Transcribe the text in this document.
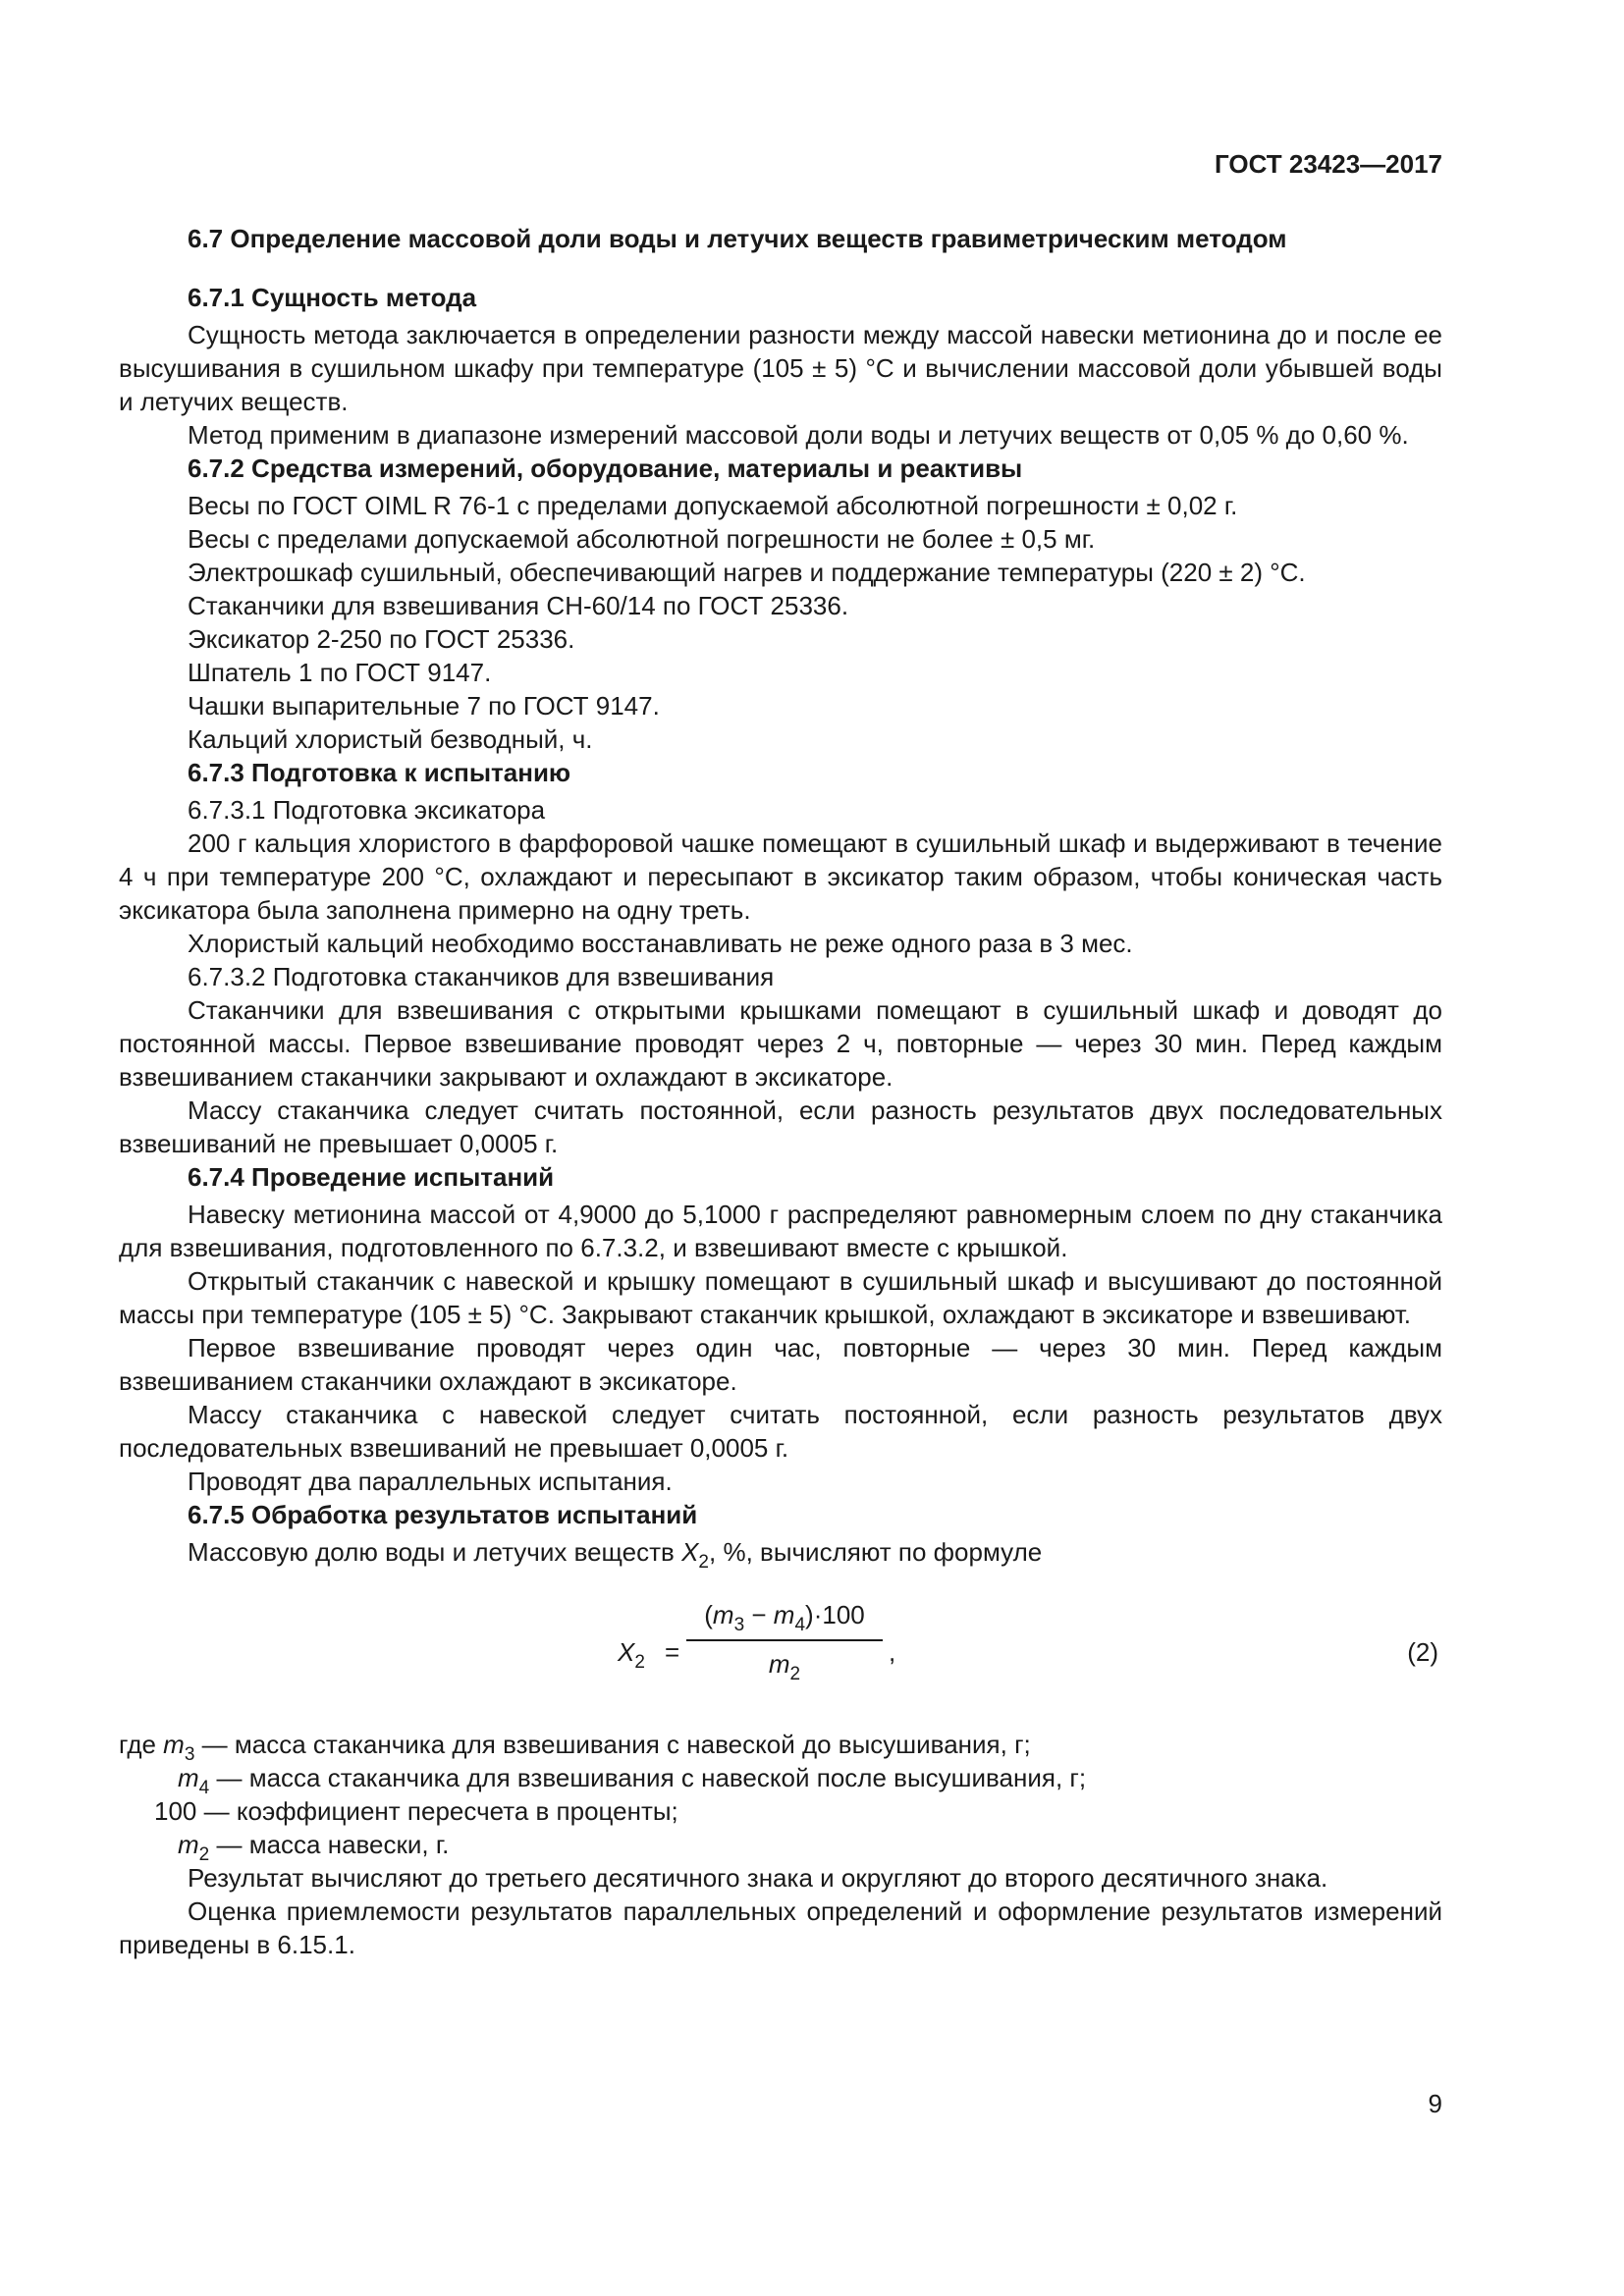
ГОСТ 23423—2017

6.7 Определение массовой доли воды и летучих веществ гравиметрическим методом

6.7.1 Сущность метода

Сущность метода заключается в определении разности между массой навески метионина до и после ее высушивания в сушильном шкафу при температуре (105 ± 5) °С и вычислении массовой доли убывшей воды и летучих веществ.

Метод применим в диапазоне измерений массовой доли воды и летучих веществ от 0,05 % до 0,60 %.

6.7.2 Средства измерений, оборудование, материалы и реактивы

Весы по ГОСТ OIML R 76-1 с пределами допускаемой абсолютной погрешности ± 0,02 г.

Весы с пределами допускаемой абсолютной погрешности не более ± 0,5 мг.

Электрошкаф сушильный, обеспечивающий нагрев и поддержание температуры (220 ± 2) °С.

Стаканчики для взвешивания СН-60/14 по ГОСТ 25336.

Эксикатор 2-250 по ГОСТ 25336.

Шпатель 1 по ГОСТ 9147.

Чашки выпарительные 7 по ГОСТ 9147.

Кальций хлористый безводный, ч.

6.7.3 Подготовка к испытанию

6.7.3.1 Подготовка эксикатора

200 г кальция хлористого в фарфоровой чашке помещают в сушильный шкаф и выдерживают в течение 4 ч при температуре 200 °С, охлаждают и пересыпают в эксикатор таким образом, чтобы коническая часть эксикатора была заполнена примерно на одну треть.

Хлористый кальций необходимо восстанавливать не реже одного раза в 3 мес.

6.7.3.2 Подготовка стаканчиков для взвешивания

Стаканчики для взвешивания с открытыми крышками помещают в сушильный шкаф и доводят до постоянной массы. Первое взвешивание проводят через 2 ч, повторные — через 30 мин. Перед каждым взвешиванием стаканчики закрывают и охлаждают в эксикаторе.

Массу стаканчика следует считать постоянной, если разность результатов двух последовательных взвешиваний не превышает 0,0005 г.

6.7.4 Проведение испытаний

Навеску метионина массой от 4,9000 до 5,1000 г распределяют равномерным слоем по дну стаканчика для взвешивания, подготовленного по 6.7.3.2, и взвешивают вместе с крышкой.

Открытый стаканчик с навеской и крышку помещают в сушильный шкаф и высушивают до постоянной массы при температуре (105 ± 5) °С. Закрывают стаканчик крышкой, охлаждают в эксикаторе и взвешивают.

Первое взвешивание проводят через один час, повторные — через 30 мин. Перед каждым взвешиванием стаканчики охлаждают в эксикаторе.

Массу стаканчика с навеской следует считать постоянной, если разность результатов двух последовательных взвешиваний не превышает 0,0005 г.

Проводят два параллельных испытания.

6.7.5 Обработка результатов испытаний

Массовую долю воды и летучих веществ $X_2$, %, вычисляют по формуле

$X_2$ =
$(m_3 - m_4)\cdot 100$
$m_2$
,	(2)
где $m_3$ — масса стаканчика для взвешивания с навеской до высушивания, г;
$m_4$ — масса стаканчика для взвешивания с навеской после высушивания, г;
100 — коэффициент пересчета в проценты;
$m_2$ — масса навески, г.

Результат вычисляют до третьего десятичного знака и округляют до второго десятичного знака.

Оценка приемлемости результатов параллельных определений и оформление результатов измерений приведены в 6.15.1.

9
